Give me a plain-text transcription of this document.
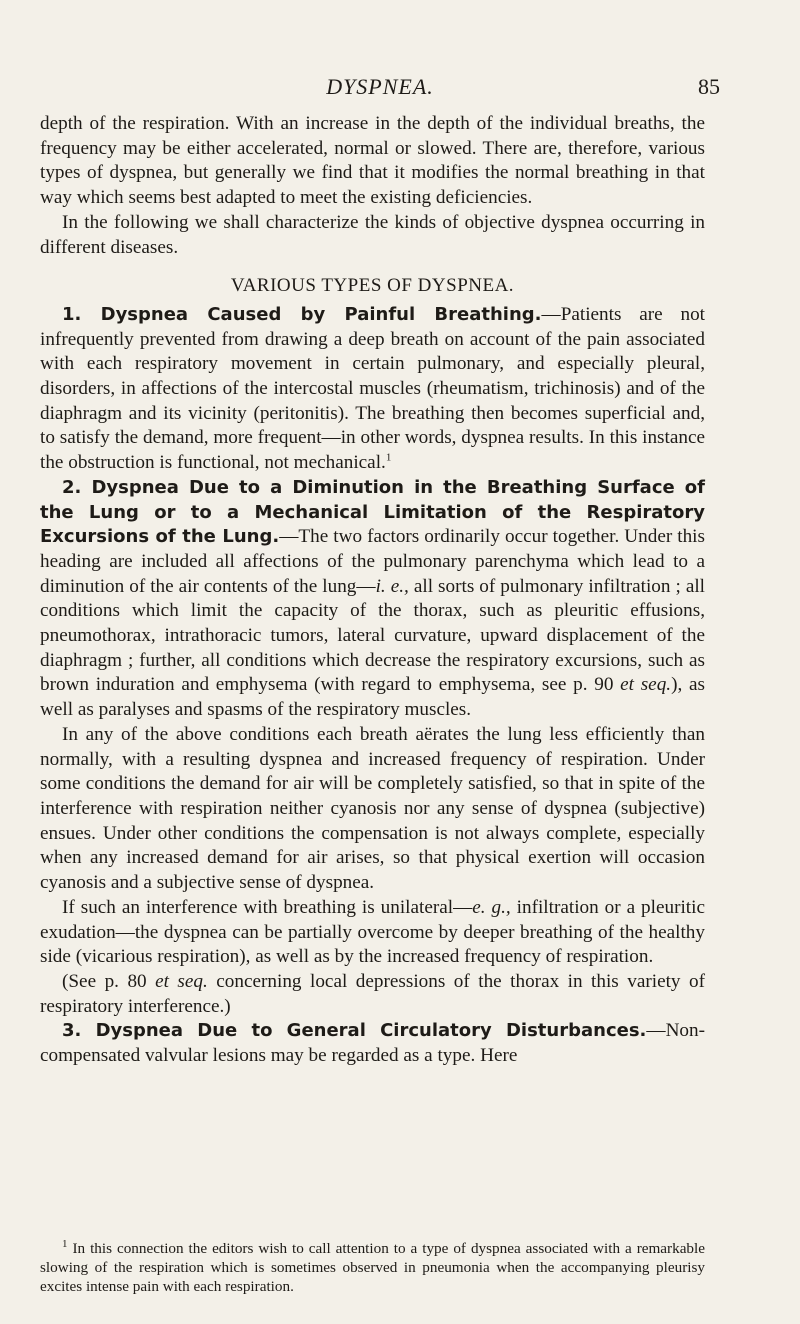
DYSPNEA.	85

depth of the respiration. With an increase in the depth of the individual breaths, the frequency may be either accelerated, normal or slowed. There are, therefore, various types of dyspnea, but generally we find that it modifies the normal breathing in that way which seems best adapted to meet the existing deficiencies.

In the following we shall characterize the kinds of objective dyspnea occurring in different diseases.

VARIOUS TYPES OF DYSPNEA.

1. Dyspnea Caused by Painful Breathing.—Patients are not infrequently prevented from drawing a deep breath on account of the pain associated with each respiratory movement in certain pulmonary, and especially pleural, disorders, in affections of the intercostal muscles (rheumatism, trichinosis) and of the diaphragm and its vicinity (peritonitis). The breathing then becomes superficial and, to satisfy the demand, more frequent—in other words, dyspnea results. In this instance the obstruction is functional, not mechanical.$^1$

2. Dyspnea Due to a Diminution in the Breathing Surface of the Lung or to a Mechanical Limitation of the Respiratory Excursions of the Lung.—The two factors ordinarily occur together. Under this heading are included all affections of the pulmonary parenchyma which lead to a diminution of the air contents of the lung—i. e., all sorts of pulmonary infiltration ; all conditions which limit the capacity of the thorax, such as pleuritic effusions, pneumothorax, intrathoracic tumors, lateral curvature, upward displacement of the diaphragm ; further, all conditions which decrease the respiratory excursions, such as brown induration and emphysema (with regard to emphysema, see p. 90 et seq.), as well as paralyses and spasms of the respiratory muscles.

In any of the above conditions each breath aërates the lung less efficiently than normally, with a resulting dyspnea and increased frequency of respiration. Under some conditions the demand for air will be completely satisfied, so that in spite of the interference with respiration neither cyanosis nor any sense of dyspnea (subjective) ensues. Under other conditions the compensation is not always complete, especially when any increased demand for air arises, so that physical exertion will occasion cyanosis and a subjective sense of dyspnea.

If such an interference with breathing is unilateral—e. g., infiltration or a pleuritic exudation—the dyspnea can be partially overcome by deeper breathing of the healthy side (vicarious respiration), as well as by the increased frequency of respiration.

(See p. 80 et seq. concerning local depressions of the thorax in this variety of respiratory interference.)

3. Dyspnea Due to General Circulatory Disturbances.—Non-compensated valvular lesions may be regarded as a type. Here

$^1$ In this connection the editors wish to call attention to a type of dyspnea associated with a remarkable slowing of the respiration which is sometimes observed in pneumonia when the accompanying pleurisy excites intense pain with each respiration.
